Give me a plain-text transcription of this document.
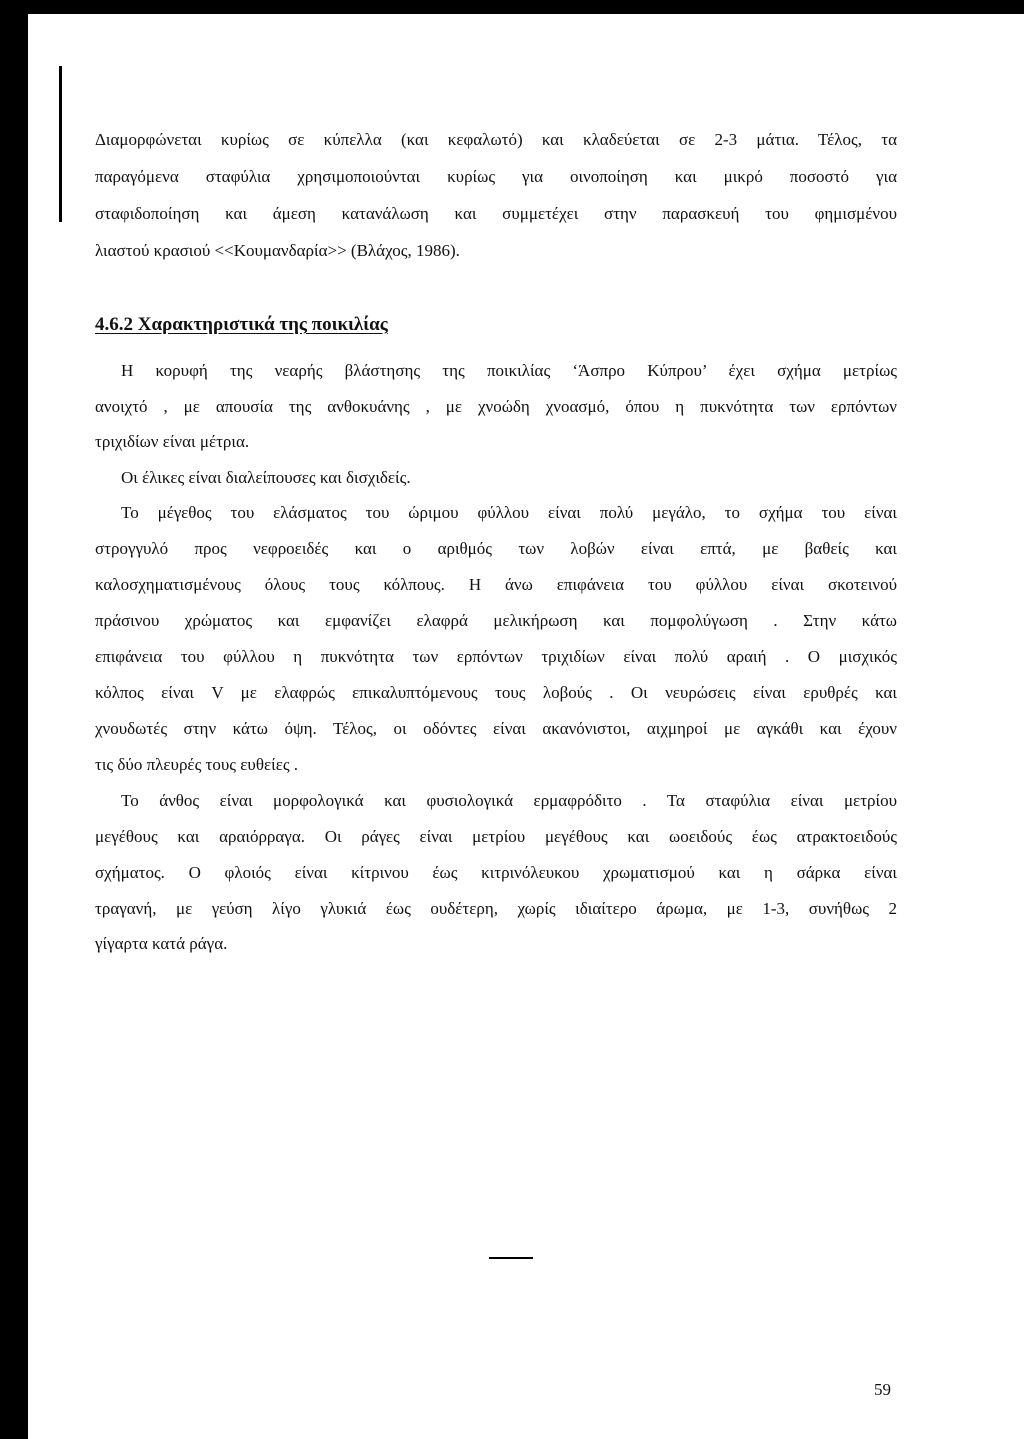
Διαμορφώνεται κυρίως σε κύπελλα (και κεφαλωτό) και κλαδεύεται σε 2-3 μάτια. Τέλος, τα
παραγόμενα σταφύλια χρησιμοποιούνται κυρίως για οινοποίηση και μικρό ποσοστό για
σταφιδοποίηση και άμεση κατανάλωση και συμμετέχει στην παρασκευή του φημισμένου
λιαστού κρασιού <<Κουμανδαρία>> (Βλάχος, 1986).
4.6.2 Χαρακτηριστικά της ποικιλίας
Η κορυφή της νεαρής βλάστησης της ποικιλίας ‘Άσπρο Κύπρου’ έχει σχήμα μετρίως
ανοιχτό , με απουσία της ανθοκυάνης , με χνοώδη χνοασμό, όπου η πυκνότητα των ερπόντων
τριχιδίων είναι μέτρια.
Οι έλικες είναι διαλείπουσες και δισχιδείς.
Το μέγεθος του ελάσματος του ώριμου φύλλου είναι πολύ μεγάλο, το σχήμα του είναι
στρογγυλό προς νεφροειδές και ο αριθμός των λοβών είναι επτά, με βαθείς και
καλοσχηματισμένους όλους τους κόλπους. Η άνω επιφάνεια του φύλλου είναι σκοτεινού
πράσινου χρώματος και εμφανίζει ελαφρά μελικήρωση και πομφολύγωση . Στην κάτω
επιφάνεια του φύλλου η πυκνότητα των ερπόντων τριχιδίων είναι πολύ αραιή . Ο μισχικός
κόλπος είναι V με ελαφρώς επικαλυπτόμενους τους λοβούς . Οι νευρώσεις είναι ερυθρές και
χνουδωτές στην κάτω όψη. Τέλος, οι οδόντες είναι ακανόνιστοι, αιχμηροί με αγκάθι και έχουν
τις δύο πλευρές τους ευθείες .
Το άνθος είναι μορφολογικά και φυσιολογικά ερμαφρόδιτο . Τα σταφύλια είναι μετρίου
μεγέθους και αραιόρραγα. Οι ράγες είναι μετρίου μεγέθους και ωοειδούς έως ατρακτοειδούς
σχήματος. Ο φλοιός είναι κίτρινου έως κιτρινόλευκου χρωματισμού και η σάρκα είναι
τραγανή, με γεύση λίγο γλυκιά έως ουδέτερη, χωρίς ιδιαίτερο άρωμα, με 1-3, συνήθως 2
γίγαρτα κατά ράγα.
59
